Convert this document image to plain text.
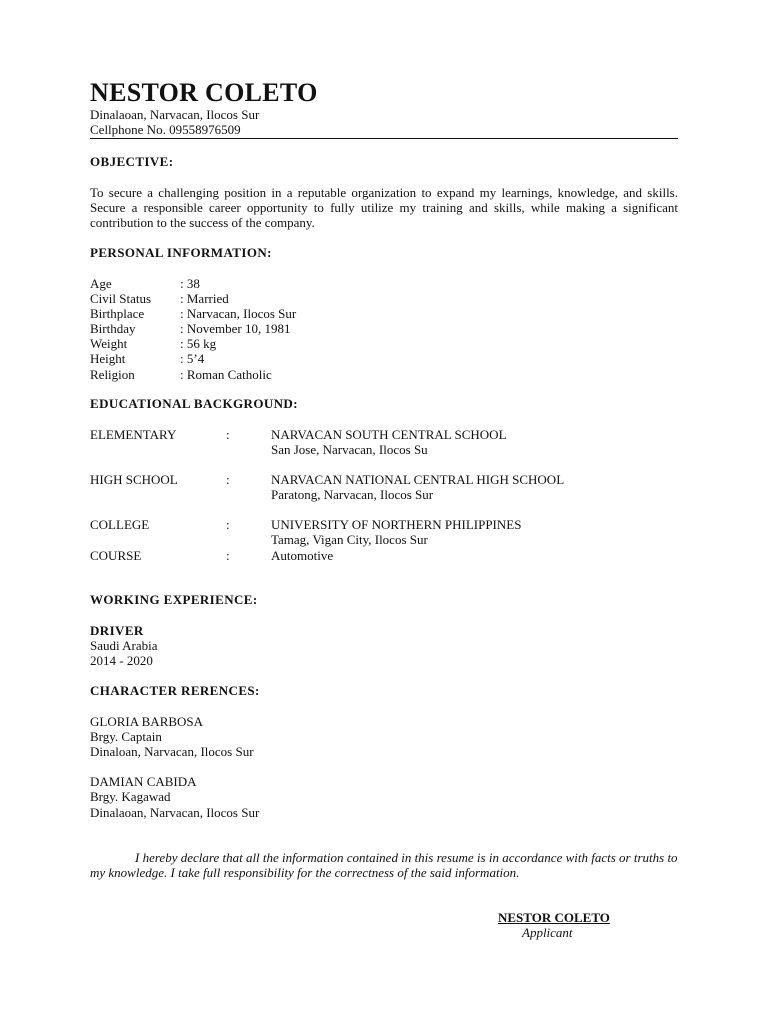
NESTOR COLETO
Dinalaoan, Narvacan, Ilocos Sur
Cellphone No. 09558976509
OBJECTIVE:
To secure a challenging position in a reputable organization to expand my learnings, knowledge, and skills. Secure a responsible career opportunity to fully utilize my training and skills, while making a significant contribution to the success of the company.
PERSONAL INFORMATION:
Age	: 38
Civil Status : Married
Birthplace	: Narvacan, Ilocos Sur
Birthday	: November 10, 1981
Weight	: 56 kg
Height	: 5’4
Religion	: Roman Catholic
EDUCATIONAL BACKGROUND:
ELEMENTARY	:	NARVACAN SOUTH CENTRAL SCHOOL
San Jose, Narvacan, Ilocos Su
HIGH SCHOOL	:	NARVACAN NATIONAL CENTRAL HIGH SCHOOL
Paratong, Narvacan, Ilocos Sur
COLLEGE	:	UNIVERSITY OF NORTHERN PHILIPPINES
Tamag, Vigan City, Ilocos Sur
COURSE	:	Automotive
WORKING EXPERIENCE:
DRIVER
Saudi Arabia
2014 - 2020
CHARACTER RERENCES:
GLORIA BARBOSA
Brgy. Captain
Dinaloan, Narvacan, Ilocos Sur
DAMIAN CABIDA
Brgy. Kagawad
Dinalaoan, Narvacan, Ilocos Sur
I hereby declare that all the information contained in this resume is in accordance with facts or truths to my knowledge. I take full responsibility for the correctness of the said information.
NESTOR COLETO
Applicant
